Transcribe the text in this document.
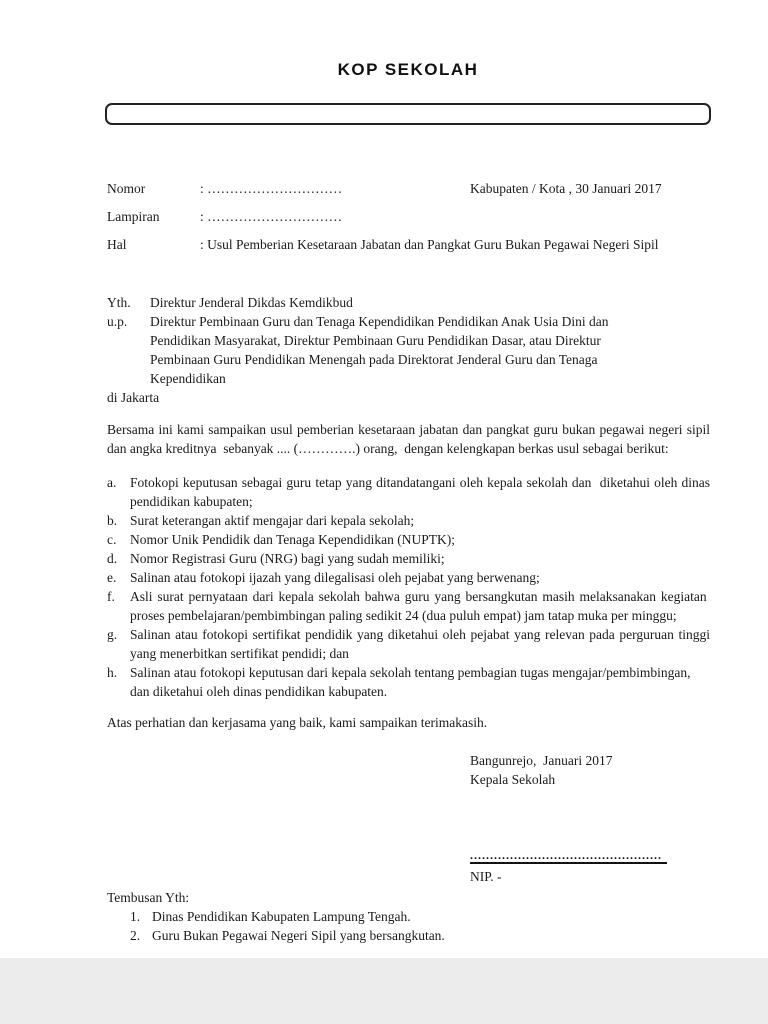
KOP SEKOLAH
Nomor	: …………………………
Lampiran	: …………………………
Hal	: Usul Pemberian Kesetaraan Jabatan dan Pangkat Guru Bukan Pegawai Negeri Sipil
Kabupaten / Kota , 30 Januari 2017
Yth.	Direktur Jenderal Dikdas Kemdikbud
u.p.	Direktur Pembinaan Guru dan Tenaga Kependidikan Pendidikan Anak Usia Dini dan
Pendidikan Masyarakat, Direktur Pembinaan Guru Pendidikan Dasar, atau Direktur
Pembinaan Guru Pendidikan Menengah pada Direktorat Jenderal Guru dan Tenaga
Kependidikan
di Jakarta
Bersama ini kami sampaikan usul pemberian kesetaraan jabatan dan pangkat guru bukan pegawai negeri sipil dan angka kreditnya  sebanyak .... (………….) orang,  dengan kelengkapan berkas usul sebagai berikut:
a. Fotokopi keputusan sebagai guru tetap yang ditandatangani oleh kepala sekolah dan  diketahui oleh dinas pendidikan kabupaten;
b. Surat keterangan aktif mengajar dari kepala sekolah;
c. Nomor Unik Pendidik dan Tenaga Kependidikan (NUPTK);
d. Nomor Registrasi Guru (NRG) bagi yang sudah memiliki;
e. Salinan atau fotokopi ijazah yang dilegalisasi oleh pejabat yang berwenang;
f. Asli surat pernyataan dari kepala sekolah bahwa guru yang bersangkutan masih melaksanakan kegiatan  proses pembelajaran/pembimbingan paling sedikit 24 (dua puluh empat) jam tatap muka per minggu;
g. Salinan atau fotokopi sertifikat pendidik yang diketahui oleh pejabat yang relevan pada perguruan tinggi yang menerbitkan sertifikat pendidi; dan
h. Salinan atau fotokopi keputusan dari kepala sekolah tentang pembagian tugas mengajar/pembimbingan, dan diketahui oleh dinas pendidikan kabupaten.
Atas perhatian dan kerjasama yang baik, kami sampaikan terimakasih.
Bangunrejo,  Januari 2017
Kepala Sekolah
................................................
NIP. -
Tembusan Yth:
1. Dinas Pendidikan Kabupaten Lampung Tengah.
2. Guru Bukan Pegawai Negeri Sipil yang bersangkutan.
